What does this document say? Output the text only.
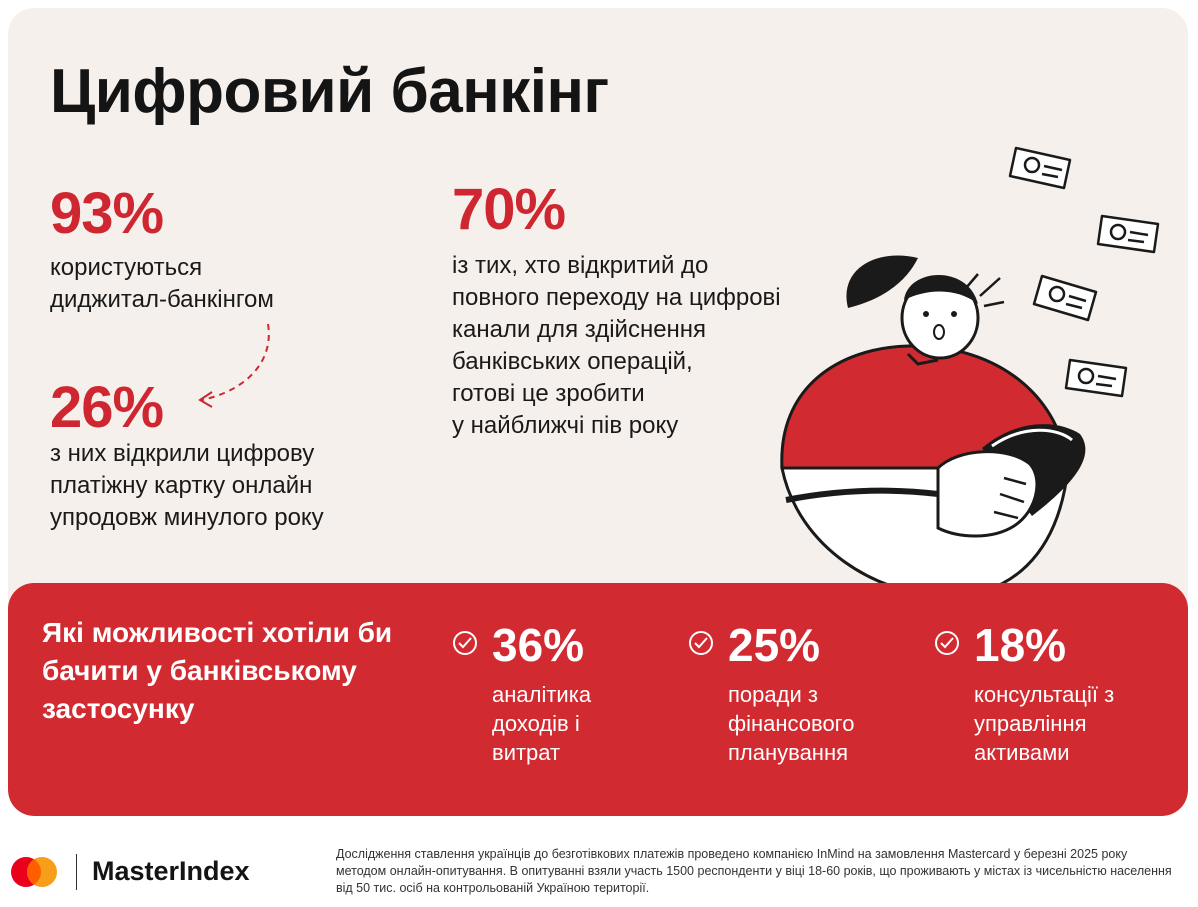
Цифровий банкінг
93%
користуються
диджитал-банкінгом
26%
з них відкрили цифрову
платіжну картку онлайн
упродовж минулого року
70%
із тих, хто відкритий до
повного переходу на цифрові
канали для здійснення
банківських операцій,
готові це зробити
у найближчі пів року
Які можливості хотіли би
бачити у банківському
застосунку
36%
аналітика
доходів і
витрат
25%
поради з
фінансового
планування
18%
консультації з
управління
активами
MasterIndex
Дослідження ставлення українців до безготівкових платежів проведено компанією InMind на замовлення Mastercard у березні 2025 року методом онлайн-опитування. В опитуванні взяли участь 1500 респонденти у віці 18-60 років, що проживають у містах із чисельністю населення від 50 тис. осіб на контрольованій Україною території.
